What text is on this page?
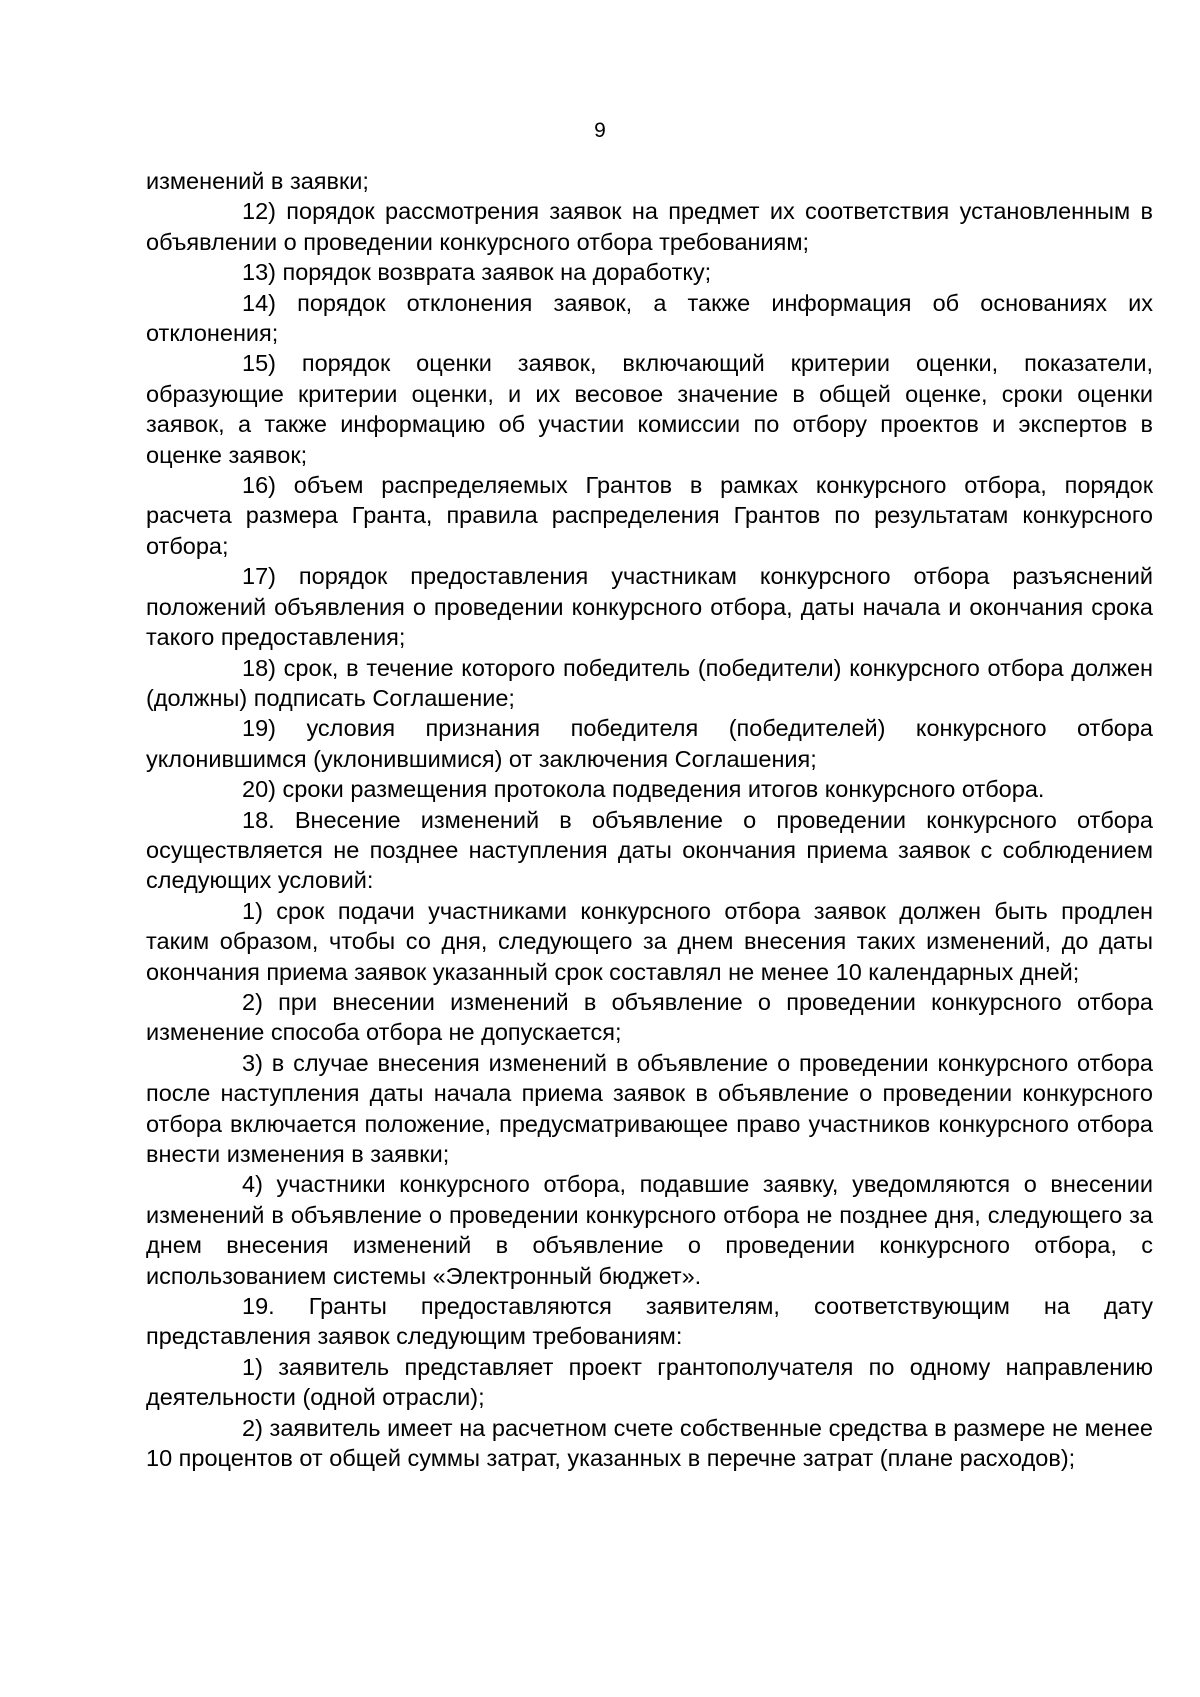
9

изменений в заявки;

12) порядок рассмотрения заявок на предмет их соответствия установленным в объявлении о проведении конкурсного отбора требованиям;

13) порядок возврата заявок на доработку;

14) порядок отклонения заявок, а также информация об основаниях их отклонения;

15) порядок оценки заявок, включающий критерии оценки, показатели, образующие критерии оценки, и их весовое значение в общей оценке, сроки оценки заявок, а также информацию об участии комиссии по отбору проектов и экспертов в оценке заявок;

16) объем распределяемых Грантов в рамках конкурсного отбора, порядок расчета размера Гранта, правила распределения Грантов по результатам конкурсного отбора;

17) порядок предоставления участникам конкурсного отбора разъяснений положений объявления о проведении конкурсного отбора, даты начала и окончания срока такого предоставления;

18) срок, в течение которого победитель (победители) конкурсного отбора должен (должны) подписать Соглашение;

19) условия признания победителя (победителей) конкурсного отбора уклонившимся (уклонившимися) от заключения Соглашения;

20) сроки размещения протокола подведения итогов конкурсного отбора.

18. Внесение изменений в объявление о проведении конкурсного отбора осуществляется не позднее наступления даты окончания приема заявок с соблюдением следующих условий:

1) срок подачи участниками конкурсного отбора заявок должен быть продлен таким образом, чтобы со дня, следующего за днем внесения таких изменений, до даты окончания приема заявок указанный срок составлял не менее 10 календарных дней;

2) при внесении изменений в объявление о проведении конкурсного отбора изменение способа отбора не допускается;

3) в случае внесения изменений в объявление о проведении конкурсного отбора после наступления даты начала приема заявок в объявление о проведении конкурсного отбора включается положение, предусматривающее право участников конкурсного отбора внести изменения в заявки;

4) участники конкурсного отбора, подавшие заявку, уведомляются о внесении изменений в объявление о проведении конкурсного отбора не позднее дня, следующего за днем внесения изменений в объявление о проведении конкурсного отбора, с использованием системы «Электронный бюджет».

19. Гранты предоставляются заявителям, соответствующим на дату представления заявок следующим требованиям:

1) заявитель представляет проект грантополучателя по одному направлению деятельности (одной отрасли);

2) заявитель имеет на расчетном счете собственные средства в размере не менее 10 процентов от общей суммы затрат, указанных в перечне затрат (плане расходов);
